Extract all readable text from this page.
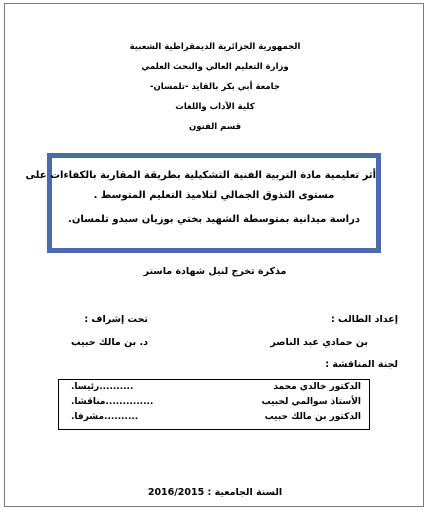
الجمهورية الجزائرية الديمقراطية الشعبية
وزارة التعليم العالي والبحث العلمي
جامعة أبي بكر بالقايد -تلمسان-
كلية الآداب واللغات
قسم الفنون
أثر تعليمية مادة التربية الفنية التشكيلية بطريقة المقاربة بالكفاءات على
مستوى التذوق الجمالي لتلاميذ التعليم المتوسط .
دراسة ميدانية بمتوسطة الشهيد بختي بوزيان سبدو تلمسان.
مذكرة تخرج لنيل شهادة ماستر
إعداد الطالب :
تحت إشراف :
بن حمادي عبد الناصر
د. بن مالك حبيب
لجنة المناقشة :
الدكتور خالدي محمد
..........رئيسا.
الأستاذ سوالمي لحبيب
..............مناقشا.
الدكتور بن مالك حبيب
..........مشرفا.
السنة الجامعية : 2016/2015
